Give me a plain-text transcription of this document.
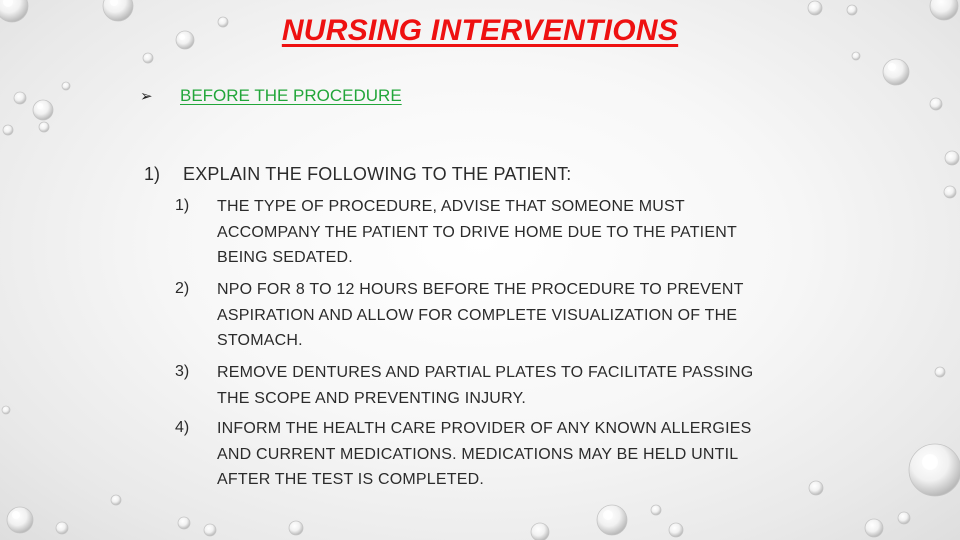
NURSING INTERVENTIONS
➢ BEFORE THE PROCEDURE
1) EXPLAIN THE FOLLOWING TO THE PATIENT:
1) THE TYPE OF PROCEDURE, ADVISE THAT SOMEONE MUST ACCOMPANY THE PATIENT TO DRIVE HOME DUE TO THE PATIENT BEING SEDATED.
2) NPO FOR 8 TO 12 HOURS BEFORE THE PROCEDURE TO PREVENT ASPIRATION AND ALLOW FOR COMPLETE VISUALIZATION OF THE STOMACH.
3) REMOVE DENTURES AND PARTIAL PLATES TO FACILITATE PASSING THE SCOPE AND PREVENTING INJURY.
4) INFORM THE HEALTH CARE PROVIDER OF ANY KNOWN ALLERGIES AND CURRENT MEDICATIONS. MEDICATIONS MAY BE HELD UNTIL AFTER THE TEST IS COMPLETED.
